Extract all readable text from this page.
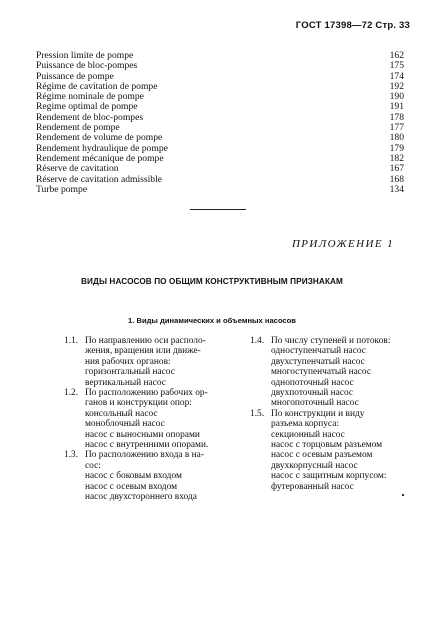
ГОСТ 17398—72 Стр. 33
Pression limite de pompe	162
Puissance de bloc-pompes	175
Puissance de pompe	174
Régime de cavitation de pompe	192
Régime nominale de pompe	190
Regime optimal de pompe	191
Rendement de bloc-pompes	178
Rendement de pompe	177
Rendement de volume de pompe	180
Rendement hydraulique de pompe	179
Rendement mécanique de pompe	182
Réserve de cavitation	167
Réserve de cavitation admissible	168
Turbe pompe	134
ПРИЛОЖЕНИЕ 1
ВИДЫ НАСОСОВ ПО ОБЩИМ КОНСТРУКТИВНЫМ ПРИЗНАКАМ
1. Виды динамических и объемных насосов
1.1. По направлению оси располо-
жения, вращения или движе-
ния рабочих органов:
горизонтальный насос
вертикальный насос
1.2. По расположению рабочих ор-
ганов и конструкции опор:
консольный насос
моноблочный насос
насос с выносными опорами
насос с внутренними опорами.
1.3. По расположению входа в на-
сос:
насос с боковым входом
насос с осевым входом
насос двухстороннего входа
1.4. По числу ступеней и потоков:
одноступенчатый насос
двухступенчатый насос
многоступенчатый насос
однопоточный насос
двухпоточный насос
многопоточный насос
1.5. По конструкции и виду
разъема корпуса:
секционный насос
насос с торцовым разъемом
насос с осевым разъемом
двухкорпусный насос
насос с защитным корпусом:
футерованный насос
